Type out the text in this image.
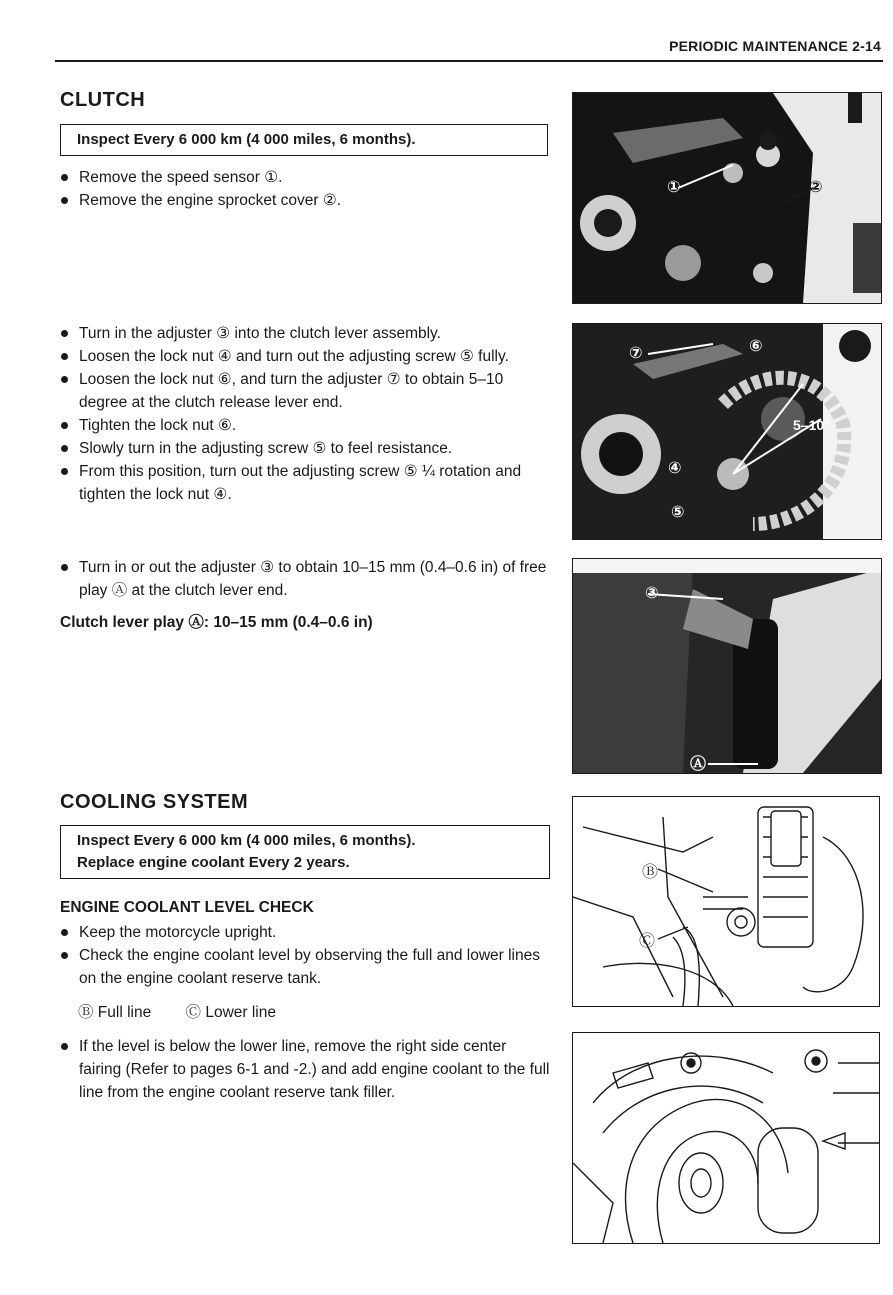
PERIODIC MAINTENANCE 2-14
CLUTCH
Inspect Every 6 000 km (4 000 miles, 6 months).
Remove the speed sensor ①.
Remove the engine sprocket cover ②.
Turn in the adjuster ③ into the clutch lever assembly.
Loosen the lock nut ④ and turn out the adjusting screw ⑤ fully.
Loosen the lock nut ⑥, and turn the adjuster ⑦ to obtain 5–10 degree at the clutch release lever end.
Tighten the lock nut ⑥.
Slowly turn in the adjusting screw ⑤ to feel resistance.
From this position, turn out the adjusting screw ⑤ ¼ rotation and tighten the lock nut ④.
Turn in or out the adjuster ③ to obtain 10–15 mm (0.4–0.6 in) of free play Ⓐ at the clutch lever end.
Clutch lever play Ⓐ: 10–15 mm (0.4–0.6 in)
COOLING SYSTEM
Inspect Every 6 000 km (4 000 miles, 6 months).
Replace engine coolant Every 2 years.
ENGINE COOLANT LEVEL CHECK
Keep the motorcycle upright.
Check the engine coolant level by observing the full and lower lines on the engine coolant reserve tank.
Ⓑ Full line Ⓒ Lower line
If the level is below the lower line, remove the right side center fairing (Refer to pages 6-1 and -2.) and add engine coolant to the full line from the engine coolant reserve tank filler.
①	②
⑦	⑥
④
⑤
5–10°
③
Ⓐ
Ⓑ
Ⓒ
